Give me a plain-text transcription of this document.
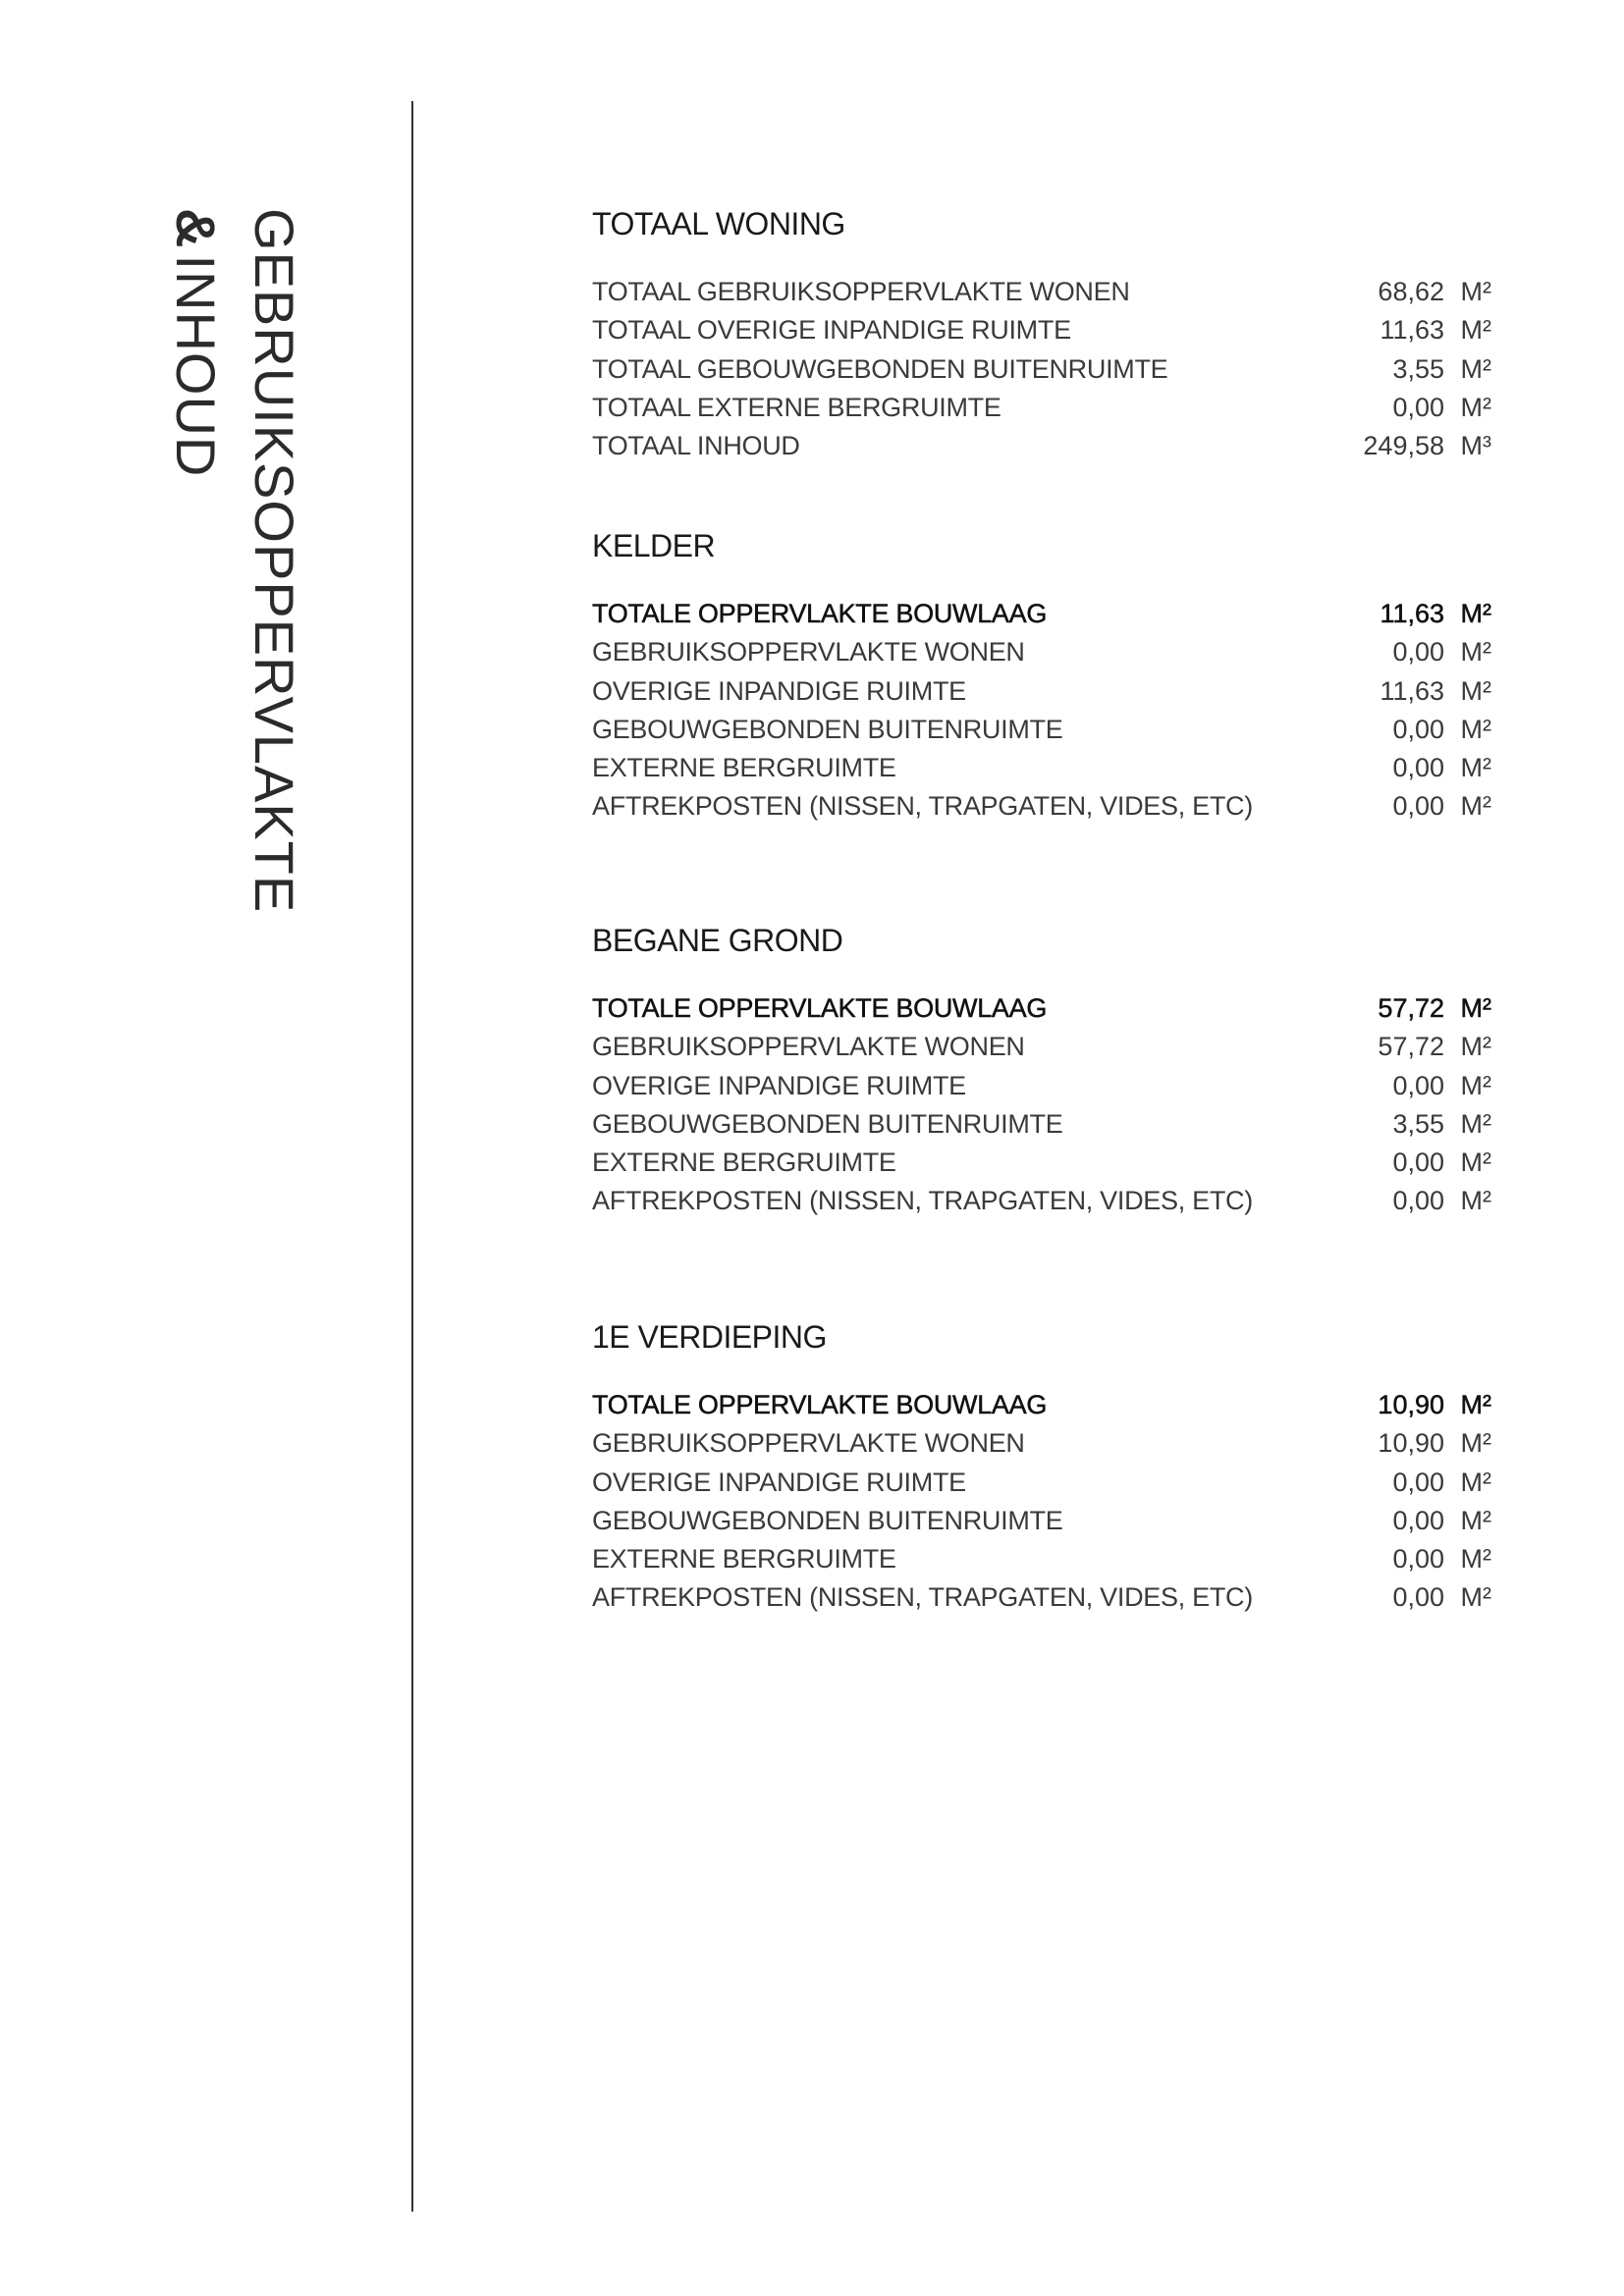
GEBRUIKSOPPERVLAKTE
&INHOUD
TOTAAL WONING
TOTAAL GEBRUIKSOPPERVLAKTE WONEN	68,62 M²
TOTAAL OVERIGE INPANDIGE RUIMTE	11,63 M²
TOTAAL GEBOUWGEBONDEN BUITENRUIMTE	3,55 M²
TOTAAL EXTERNE BERGRUIMTE	0,00 M²
TOTAAL INHOUD	249,58 M³
KELDER
TOTALE OPPERVLAKTE BOUWLAAG	11,63 M²
GEBRUIKSOPPERVLAKTE WONEN	0,00 M²
OVERIGE INPANDIGE RUIMTE	11,63 M²
GEBOUWGEBONDEN BUITENRUIMTE	0,00 M²
EXTERNE BERGRUIMTE	0,00 M²
AFTREKPOSTEN (NISSEN, TRAPGATEN, VIDES, ETC)	0,00 M²
BEGANE GROND
TOTALE OPPERVLAKTE BOUWLAAG	57,72 M²
GEBRUIKSOPPERVLAKTE WONEN	57,72 M²
OVERIGE INPANDIGE RUIMTE	0,00 M²
GEBOUWGEBONDEN BUITENRUIMTE	3,55 M²
EXTERNE BERGRUIMTE	0,00 M²
AFTREKPOSTEN (NISSEN, TRAPGATEN, VIDES, ETC)	0,00 M²
1E VERDIEPING
TOTALE OPPERVLAKTE BOUWLAAG	10,90 M²
GEBRUIKSOPPERVLAKTE WONEN	10,90 M²
OVERIGE INPANDIGE RUIMTE	0,00 M²
GEBOUWGEBONDEN BUITENRUIMTE	0,00 M²
EXTERNE BERGRUIMTE	0,00 M²
AFTREKPOSTEN (NISSEN, TRAPGATEN, VIDES, ETC)	0,00 M²
